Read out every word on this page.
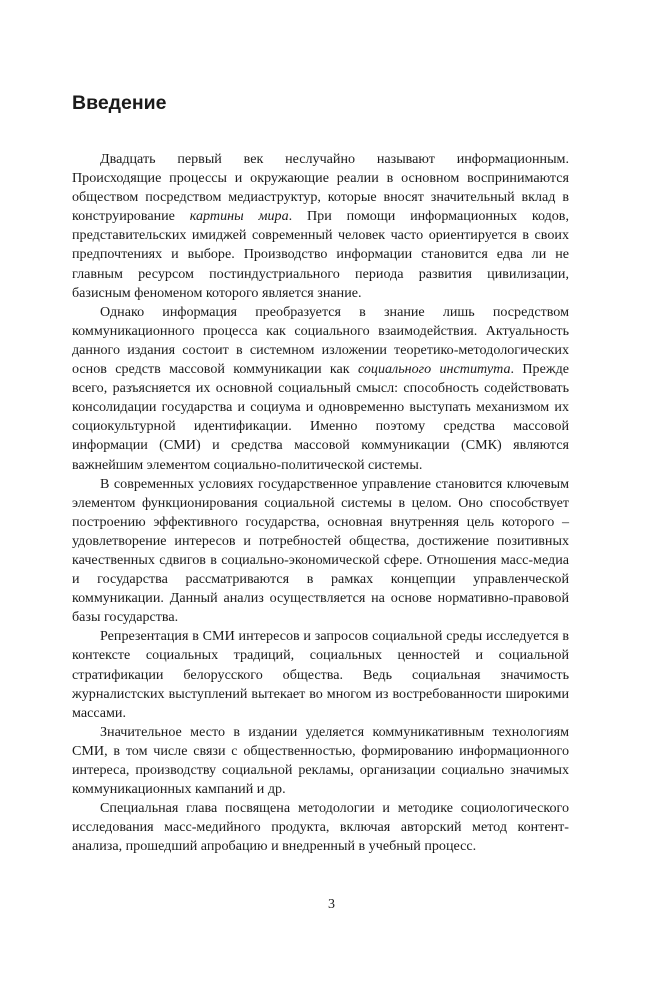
Введение

Двадцать первый век неслучайно называют информационным. Происходящие процессы и окружающие реалии в основном воспринимаются обществом посредством медиаструктур, которые вносят значительный вклад в конструирование картины мира. При помощи информационных кодов, представительских имиджей современный человек часто ориентируется в своих предпочтениях и выборе. Производство информации становится едва ли не главным ресурсом постиндустриального периода развития цивилизации, базисным феноменом которого является знание.

Однако информация преобразуется в знание лишь посредством коммуникационного процесса как социального взаимодействия. Актуальность данного издания состоит в системном изложении теоретико-методологических основ средств массовой коммуникации как социального института. Прежде всего, разъясняется их основной социальный смысл: способность содействовать консолидации государства и социума и одновременно выступать механизмом их социокультурной идентификации. Именно поэтому средства массовой информации (СМИ) и средства массовой коммуникации (СМК) являются важнейшим элементом социально-политической системы.

В современных условиях государственное управление становится ключевым элементом функционирования социальной системы в целом. Оно способствует построению эффективного государства, основная внутренняя цель которого – удовлетворение интересов и потребностей общества, достижение позитивных качественных сдвигов в социально-экономической сфере. Отношения масс-медиа и государства рассматриваются в рамках концепции управленческой коммуникации. Данный анализ осуществляется на основе нормативно-правовой базы государства.

Репрезентация в СМИ интересов и запросов социальной среды исследуется в контексте социальных традиций, социальных ценностей и социальной стратификации белорусского общества. Ведь социальная значимость журналистских выступлений вытекает во многом из востребованности широкими массами.

Значительное место в издании уделяется коммуникативным технологиям СМИ, в том числе связи с общественностью, формированию информационного интереса, производству социальной рекламы, организации социально значимых коммуникационных кампаний и др.

Специальная глава посвящена методологии и методике социологического исследования масс-медийного продукта, включая авторский метод контент-анализа, прошедший апробацию и внедренный в учебный процесс.

3
